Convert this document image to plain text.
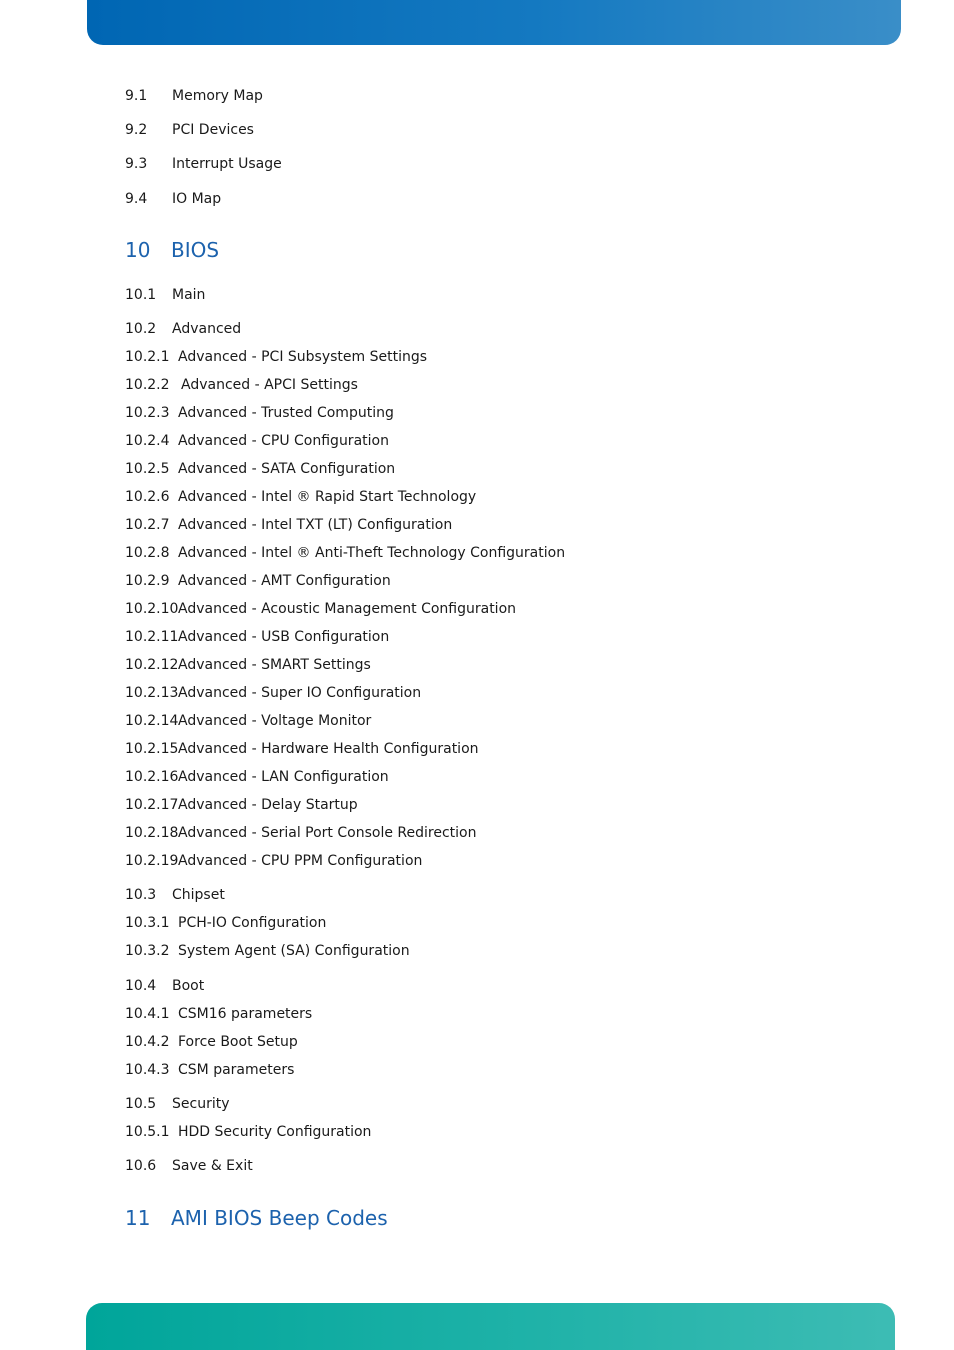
9.1 Memory Map
9.2 PCI Devices
9.3 Interrupt Usage
9.4 IO Map
10 BIOS
10.1 Main
10.2 Advanced
10.2.1 Advanced - PCI Subsystem Settings
10.2.2 Advanced - APCI Settings
10.2.3 Advanced - Trusted Computing
10.2.4 Advanced - CPU Configuration
10.2.5 Advanced - SATA Configuration
10.2.6 Advanced - Intel ® Rapid Start Technology
10.2.7 Advanced - Intel TXT (LT) Configuration
10.2.8 Advanced - Intel ® Anti-Theft Technology Configuration
10.2.9 Advanced - AMT Configuration
10.2.10 Advanced - Acoustic Management Configuration
10.2.11 Advanced - USB Configuration
10.2.12 Advanced - SMART Settings
10.2.13 Advanced - Super IO Configuration
10.2.14 Advanced - Voltage Monitor
10.2.15 Advanced - Hardware Health Configuration
10.2.16 Advanced - LAN Configuration
10.2.17 Advanced - Delay Startup
10.2.18 Advanced - Serial Port Console Redirection
10.2.19 Advanced - CPU PPM Configuration
10.3 Chipset
10.3.1 PCH-IO Configuration
10.3.2 System Agent (SA) Configuration
10.4 Boot
10.4.1 CSM16 parameters
10.4.2 Force Boot Setup
10.4.3 CSM parameters
10.5 Security
10.5.1 HDD Security Configuration
10.6 Save & Exit
11 AMI BIOS Beep Codes
